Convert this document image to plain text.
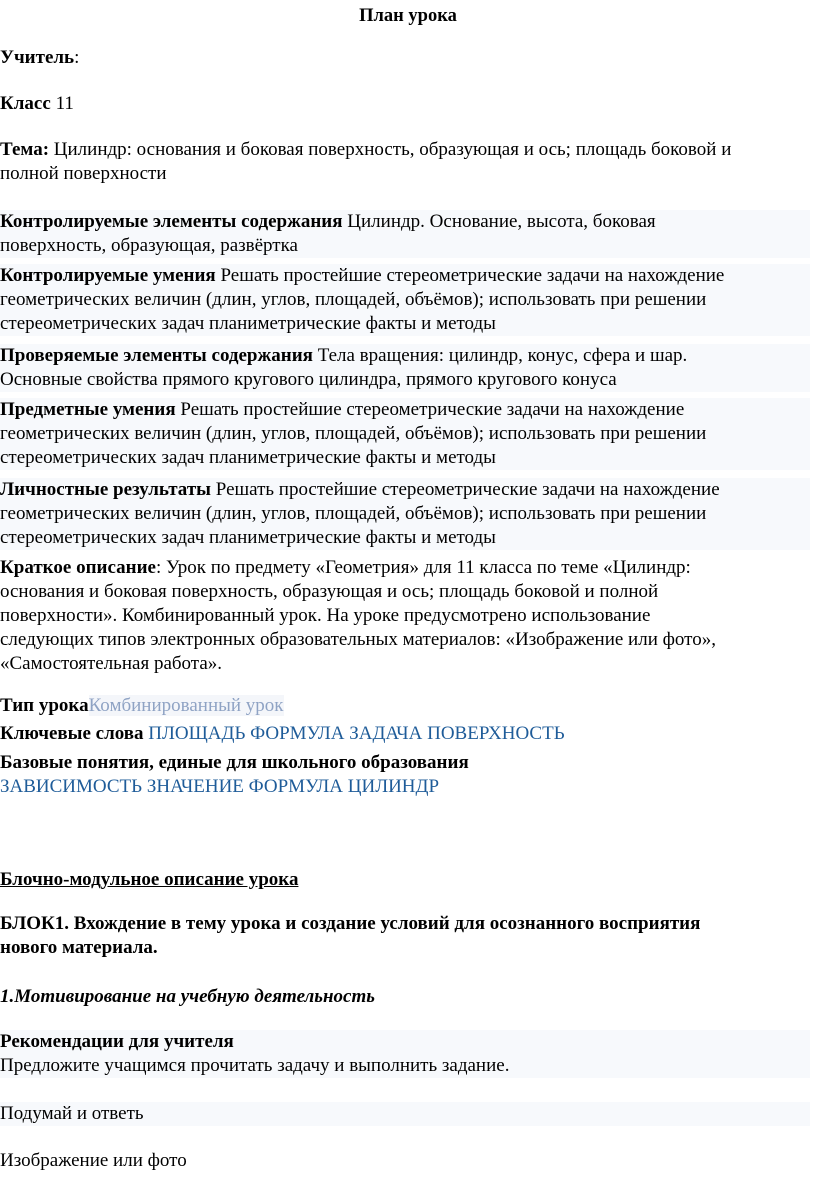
План урока
Учитель:
Класс 11
Тема: Цилиндр: основания и боковая поверхность, образующая и ось; площадь боковой и
полной поверхности
Контролируемые элементы содержания Цилиндр. Основание, высота, боковая
поверхность, образующая, развёртка
Контролируемые умения Решать простейшие стереометрические задачи на нахождение
геометрических величин (длин, углов, площадей, объёмов); использовать при решении
стереометрических задач планиметрические факты и методы
Проверяемые элементы содержания Тела вращения: цилиндр, конус, сфера и шар.
Основные свойства прямого кругового цилиндра, прямого кругового конуса
Предметные умения Решать простейшие стереометрические задачи на нахождение
геометрических величин (длин, углов, площадей, объёмов); использовать при решении
стереометрических задач планиметрические факты и методы
Личностные результаты Решать простейшие стереометрические задачи на нахождение
геометрических величин (длин, углов, площадей, объёмов); использовать при решении
стереометрических задач планиметрические факты и методы
Краткое описание: Урок по предмету «Геометрия» для 11 класса по теме «Цилиндр:
основания и боковая поверхность, образующая и ось; площадь боковой и полной
поверхности». Комбинированный урок. На уроке предусмотрено использование
следующих типов электронных образовательных материалов: «Изображение или фото»,
«Самостоятельная работа».
Тип урокаКомбинированный урок
Ключевые слова ПЛОЩАДЬ ФОРМУЛА ЗАДАЧА ПОВЕРХНОСТЬ
Базовые понятия, единые для школьного образования
ЗАВИСИМОСТЬ ЗНАЧЕНИЕ ФОРМУЛА ЦИЛИНДР
Блочно-модульное описание урока
БЛОК1. Вхождение в тему урока и создание условий для осознанного восприятия
нового материала.
1.Мотивирование на учебную деятельность
Рекомендации для учителя
Предложите учащимся прочитать задачу и выполнить задание.
Подумай и ответь
Изображение или фото
